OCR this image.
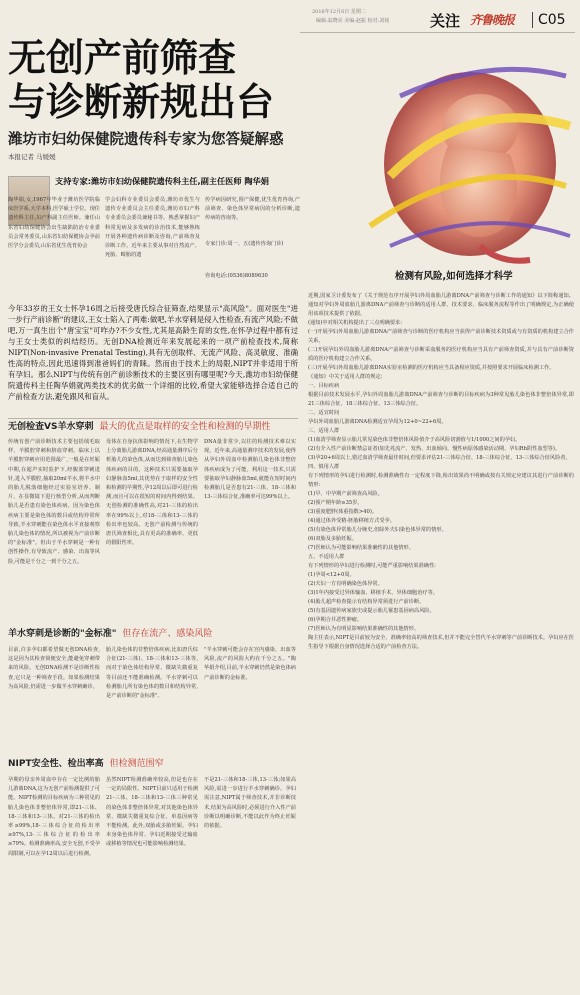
2016年12月6日 星期二
编辑:翁晓亮 美编:赵振 校对:刘扬	关注 齐鲁晚报 C05
无创产前筛查
与诊断新规出台
潍坊市妇幼保健院遗传科专家为您答疑解惑
本报记者 马媛媛
支持专家:潍坊市妇幼保健院遗传科主任,副主任医师 陶华娟
陶华娟,女,1967年毕业于潍坊医学院临床医学系,大学本科,医学硕士学位。现任遗传科主任,妇产科副主任医师。兼任山东省妇幼保健协会出生缺陷防治专业委员会常务委员,山东省妇幼保健协会孕前医学分会委员,山东省优生优育协会
学会妇科专业委员会委员,潍坊市优生与遗传专业委员会主任委员,潍坊市妇产科专业委员会委员兼秘书等。熟悉掌握妇产科常见病及多发病的诊治技术,能够熟练开展各种遗传病诊断及咨询,产前筛查及诊断工作。近年来主要从事对自然流产、死胎、畸胎的遗
传学病因研究,围产保健,优生优育咨询,产前筛查、染色体异常病因的分析诊断,遗传病的咨询等。
专家门诊:周一、五(遗传咨询门诊)
咨询电话:(0536)8089630	检测有风险,如何选择才科学
今年33岁的王女士怀孕16周之后接受唐氏综合征筛查,结果显示"高风险"。面对医生"进一步行产前诊断"的建议,王女士陷入了两难:做吧,羊水穿刺是侵入性检查,有流产风险;不做吧,万一真生出个"唐宝宝"可咋办?不少女性,尤其是高龄生育的女性,在怀孕过程中都有过与王女士类似的纠结经历。无创DNA检测近年来发展起来的一项产前检查技术,简称NIPT(Non-invasive Prenatal Testing),具有无创取样、无流产风险、高灵敏度、准确性高的特点,因此迅速得到准爸妈们的青睐。然而由于技术上的局限,NIPT并非适用于所有孕妇。那么NIPT与传统有创产前诊断技术的主要区别有哪里呢?今天,潍坊市妇幼保健院遗传科主任陶华娟就两类技术的优劣做一个详细的比较,希望大家能够选择合适自己的产前检查方法,避免跟风和盲从。
无创检查VS羊水穿刺 最大的优点是取样的安全性和检测的早期性
传统有创产前诊断技术主要包括绒毛取样、羊膜腔穿刺和脐血穿刺。临床上以羊膜腔穿刺应用范围最广,一般是在妊娠中期,在超声实时监护下,经腹部穿刺进针,进入羊膜腔,抽取20ml羊水,将羊水中的胎儿脱落细胞经过实验室培养、制片、在显微镜下进行核型分析,从而判断胎儿是否患有染色体疾病。因为染色体疾病主要是染色体的数目或结构异常所导致,羊水穿刺能在染色体水平直接观察胎儿染色体的情况,所以被视为产前诊断的"金标准"。但由于羊水穿刺是一种有创性操作,有导致流产、感染、出血等风险,可能是千分之一到千分之五。
母体在自身抗体影响的情况下,在生物学上分离胎儿游离DNA,经高通量测序后分析胎儿的染色体,从而达到筛查胎儿染色体疾病的目的。这种技术只需要抽取孕妇静脉血5ml,其优势在于取样的安全性和检测的早期性,孕12周以后即可进行检测,而且可以在很短的时间内得到结果。无创检测的准确性高,对21-三体的检出率在99%以上,对18-三体和13-三体的检出率也较高。无创产前检测与传统的唐氏筛查相比,具有更高的准确率、更低的假阳性率。
DNA量非常少,以往的检测技术难以实现。近年来,高通量测序技术的发展,使得从孕妇外周血中检测胎儿染色体非整倍体疾病成为了可能。利用这一技术,只需要抽取孕妇静脉血5ml,就能在短时间内检测胎儿是否患有21-三体、18-三体和13-三体综合征,准确率可达99%以上。
羊水穿刺是诊断的"金标准" 但存在流产、感染风险
目前,许多孕妇都希望做无创DNA检查,这是因为其检查简便安全,能避免穿刺带来的风险。无创DNA检测不是诊断性检查,它只是一种筛查手段。如果检测结果为高风险,仍需进一步做羊水穿刺确诊。
胎儿染色体的非整倍体疾病,比如唐氏综合征(21-三体)、18-三体和13-三体等,而对于染色体结构异常、微缺失微重复等目前还不能准确检测。羊水穿刺可以检测胎儿所有染色体的数目和结构异常,是产前诊断的"金标准"。
"羊水穿刺可能会存在宫内感染、出血等风险,流产的风险大约在千分之五。"陶华娟介绍,目前,羊水穿刺仍然是染色体病产前诊断的金标准。
NIPT安全性、检出率高 但检测范围窄
孕期的母亲外周血中存在一定比例的胎儿游离DNA,这为无创产前检测提供了可能。NIPT检测的目标疾病为三种常见的胎儿染色体非整倍体异常,即21-三体、18-三体和13-三体。对21-三体的检出率≥99%,18-三体综合征的检出率≥97%,13-三体综合征的检出率≥79%。检测准确率高,安全无创,不受孕周限制,可以在孕12周以后进行检测。
虽然NIPT检测准确率较高,但是也存在一定的局限性。NIPT目前只适用于检测21-三体、18-三体和13-三体三种常见的染色体非整倍体异常,对其他染色体异常、微缺失微重复综合征、单基因病等不能检测。此外,双胎或多胎妊娠、孕妇本身染色体异常、孕妇近期接受过输血或移植等情况也可能影响检测结果。
不是21-三体和18-三体,13-三体;如果高风险,需进一步进行羊水穿刺确诊。孕妇需注意,NIPT属于筛查技术,并非诊断技术,结果为高风险时,必须进行介入性产前诊断以明确诊断,不能以此作为终止妊娠的依据。
近期,国家卫计委发布了《关于规范有序开展孕妇外周血胎儿游离DNA产前筛查与诊断工作的通知》以下简称通知。通知对孕妇外周血胎儿游离DNA产前筛查与诊断的适用人群、技术要求、临床服务流程等作出了明确规定,为正确使用该项技术提供了依据。
(通知)中对相关机构提出了三点明确要求:
(一)开展孕妇外周血胎儿游离DNA产前筛查与诊断的医疗机构应当获得产前诊断技术资质或与有资质的机构建立合作关系。
(二)开展孕妇外周血胎儿游离DNA产前筛查与诊断采血服务的医疗机构应当具有产前筛查资质,并与具有产前诊断资质的医疗机构建立合作关系。
(三)开展孕妇外周血胎儿游离DNA实验室检测的医疗机构应当具备相应资质,并按照要求开展临床检测工作。
《通知》中关于适用人群的规定:
一、目标疾病
根据目前技术发展水平,孕妇外周血胎儿游离DNA产前筛查与诊断的目标疾病为3种常见胎儿染色体非整倍体异常,即21三体综合征、18三体综合征、13三体综合征。
二、适宜时间
孕妇外周血胎儿游离DNA检测适宜孕周为12+0~22+6周。
三、适用人群
(1)血清学筛查显示胎儿常见染色体非整倍体风险值介于高风险切割值与1/1000之间的孕妇。
(2)有介入性产前诊断禁忌证者(如先兆流产、发热、出血倾向、慢性病原体感染活动期、孕妇Rh阴性血型等)。
(3)孕20+6周以上,错过血清学筛查最佳时间,但要求评估21-三体综合征、18-三体综合征、13-三体综合征风险者。
四、慎用人群
有下列情形的孕妇进行检测时,检测准确性有一定程度下降,检出效果尚不明确或按有关规定应建议其进行产前诊断的情形:
(1)早、中孕期产前筛查高风险。
(2)预产期年龄≥35岁。
(3)重度肥胖(体重指数>40)。
(4)通过体外受精-胚胎移植方式受孕。
(5)有染色体异常胎儿分娩史,但除外夫妇染色体异常的情形。
(6)双胎及多胎妊娠。
(7)医师认为可能影响结果准确性的其他情形。
五、不适用人群
有下列情形的孕妇进行检测时,可能严重影响结果准确性:
(1)孕周<12+0周。
(2)夫妇一方有明确染色体异常。
(3)1年内接受过异体输血、移植手术、异体细胞治疗等。
(4)胎儿超声检查提示有结构异常须进行产前诊断。
(5)有基因遗传病家族史或提示胎儿罹患基因病高风险。
(6)孕期合并恶性肿瘤。
(7)医师认为有明显影响结果准确性的其他情形。
陶主任表示,NIPT是目前较为安全、准确率较高的筛查技术,但并不能完全替代羊水穿刺等产前诊断技术。孕妇应在医生指导下根据自身情况选择合适的产前检查方法。
